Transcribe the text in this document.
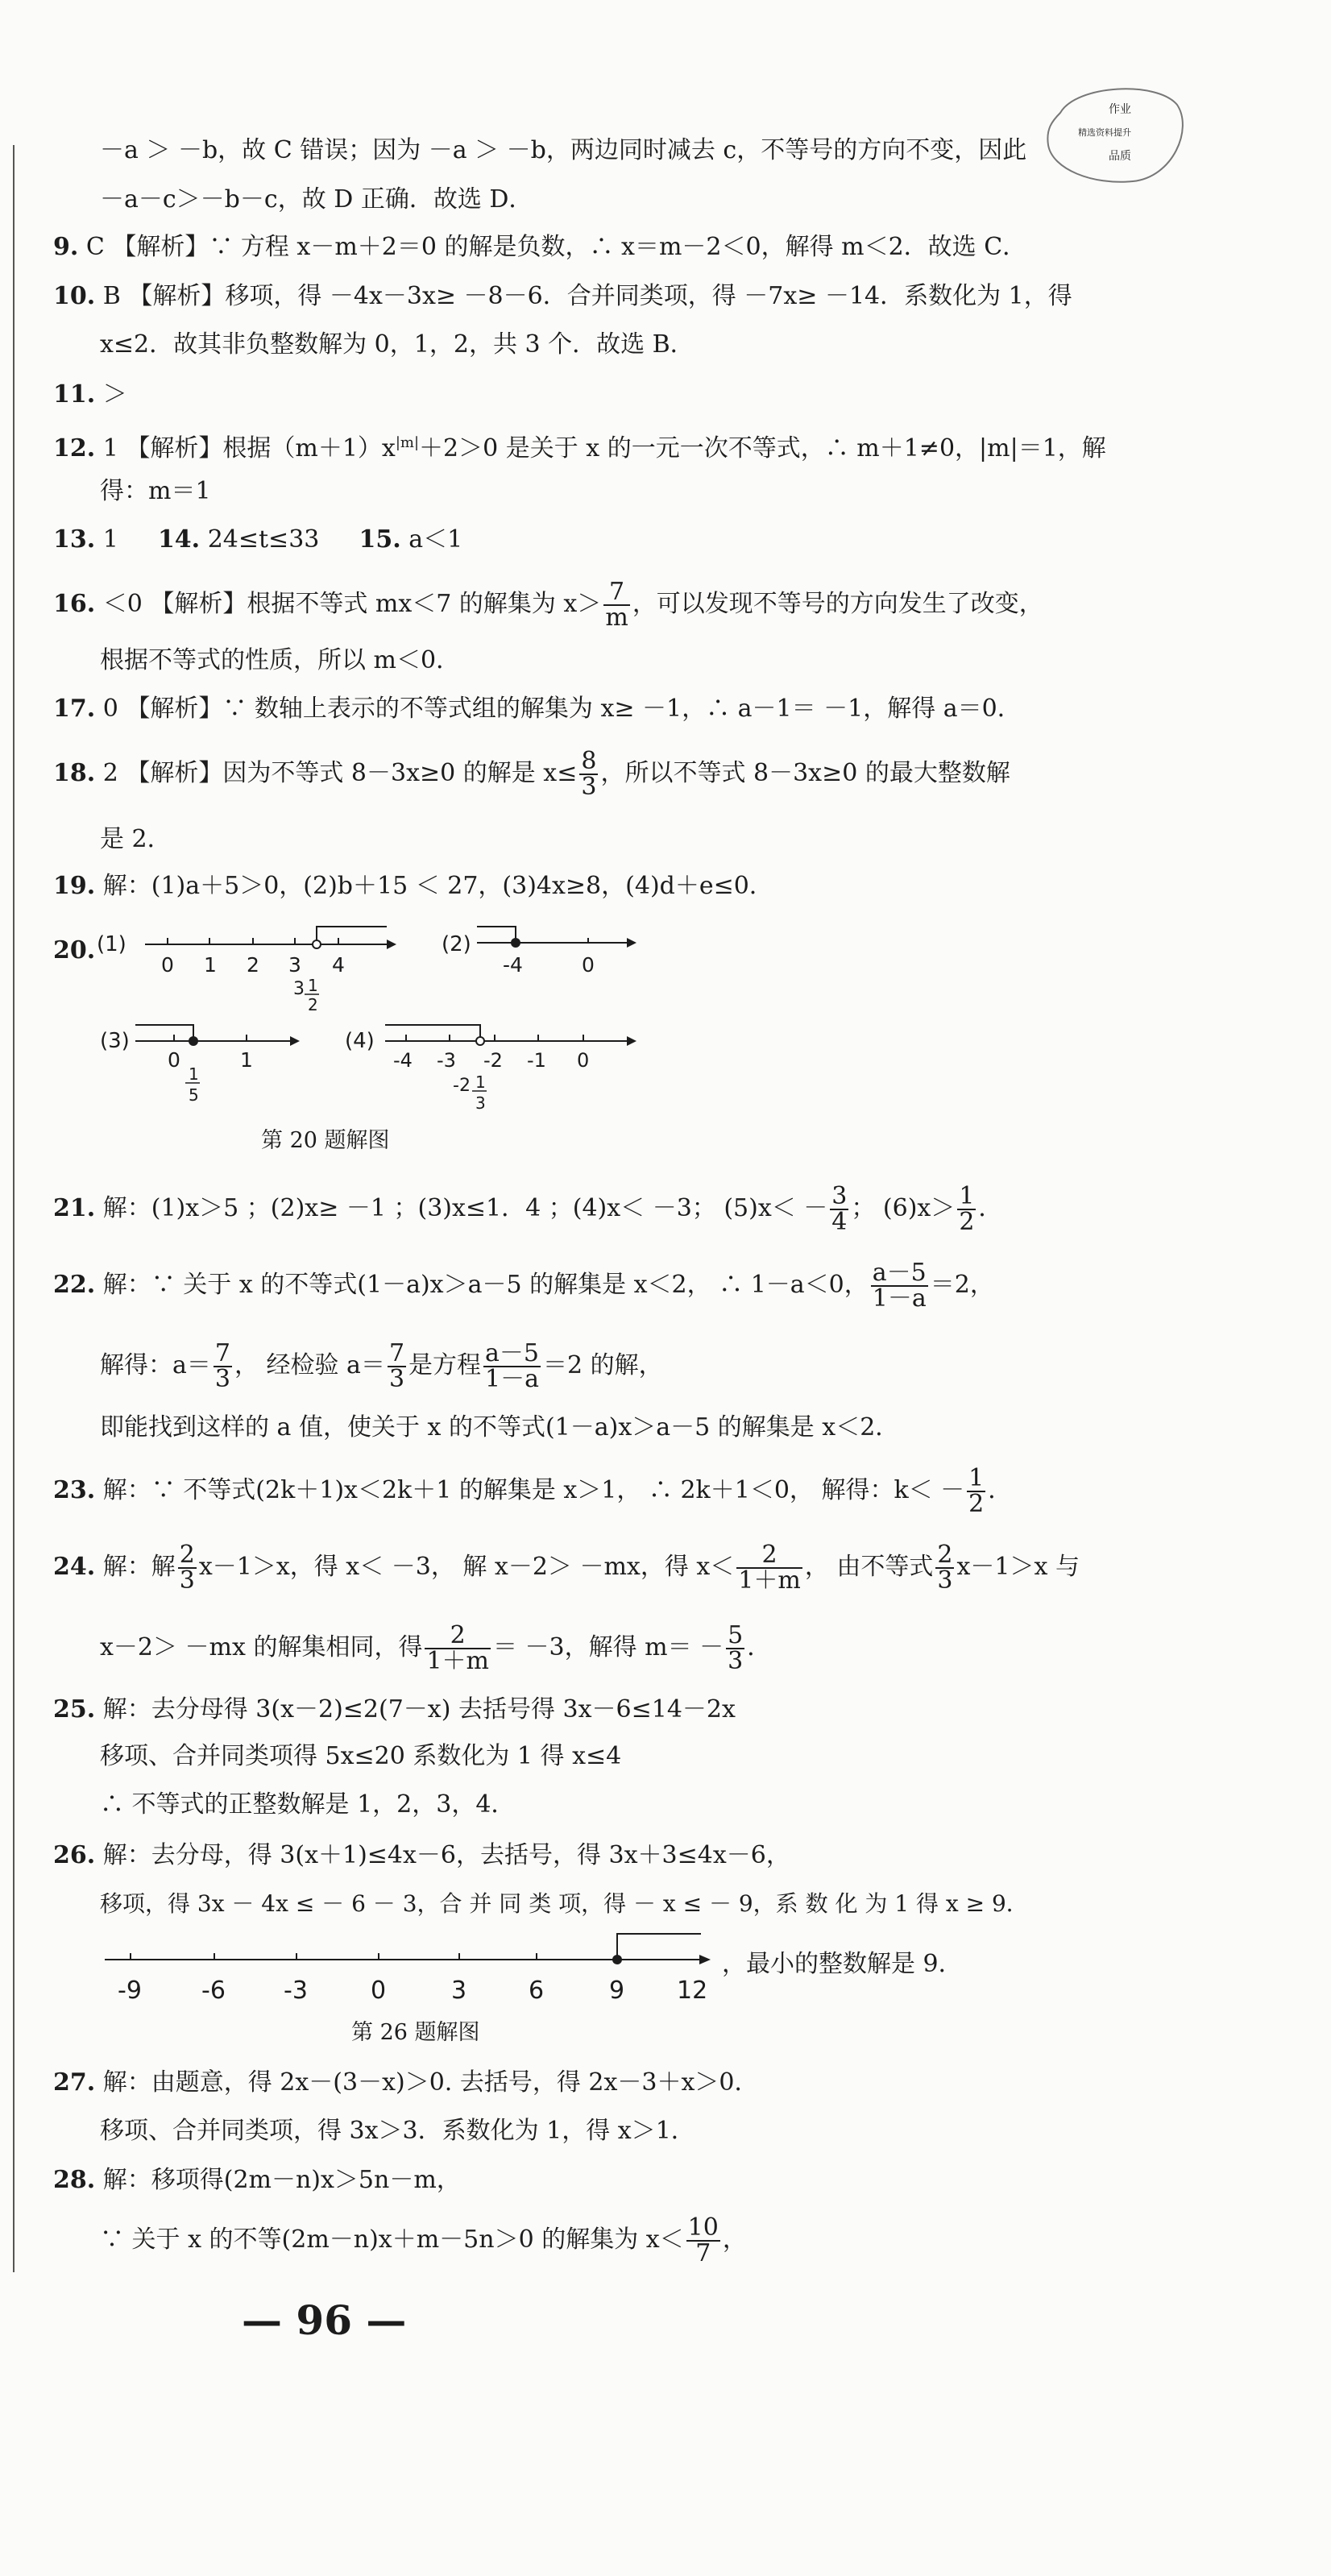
作业
精选资料提升
品质
－a ＞ －b，故 C 错误；因为 －a ＞ －b，两边同时减去 c，不等号的方向不变，因此
－a－c＞－b－c，故 D 正确．故选 D．
9. C 【解析】∵ 方程 x－m＋2＝0 的解是负数，∴ x＝m－2＜0，解得 m＜2．故选 C．
10. B 【解析】移项，得 －4x－3x≥ －8－6．合并同类项，得 －7x≥ －14．系数化为 1，得
x≤2．故其非负整数解为 0，1，2，共 3 个．故选 B．
11. ＞
12. 1 【解析】根据$(m+1)x^{|m|}+2>0$ 是关于 x 的一元一次不等式，∴ m＋1≠0，|m|＝1，解
得：m＝1
13. 1 14. 24≤t≤33 15. a＜1
16. ＜0 【解析】根据不等式 mx＜7 的解集为 $x> \frac{7}{m}$ ，可以发现不等号的方向发生了改变，
根据不等式的性质，所以 m＜0．
17. 0 【解析】∵ 数轴上表示的不等式组的解集为 x≥ －1，∴ a－1＝ －1，解得 a＝0．
18. 2 【解析】因为不等式 8－3x≥0 的解是 $x\le \frac{8}{3}$ ，所以不等式 8－3x≥0 的最大整数解
是 2．
19. 解：(1)a＋5＞0，(2)b＋15 ＜ 27，(3)4x≥8，(4)d＋e≤0．
20. (1)
0 1 2 3 4
3 1
2
(2)
-4	0
(3)
0	1
1
5
(4)
-4 -3 -2 -1 0
-2 1
3
第 20 题解图
21. 解：(1)x＞5 ；(2)x≥ －1 ；(3)x≤1．4 ；(4)x＜ －3； $(5)x< - \frac{3}{4}$ ； $(6)x> \frac{1}{2}$ ．
22. 解：∵ 关于 x 的不等式(1－a)x＞a－5 的解集是 x＜2， ∴ 1－a＜0， $\frac{a-5}{1-a} =2$，
解得：$a= \frac{7}{3}$ ， 经检验 $a= \frac{7}{3}$ 是方程 $\frac{a-5}{1-a} =2$ 的解，
即能找到这样的 a 值，使关于 x 的不等式(1－a)x＞a－5 的解集是 x＜2．
23. 解：∵ 不等式(2k＋1)x＜2k＋1 的解集是 x＞1， ∴ 2k＋1＜0， 解得：$k< - \frac{1}{2}$ ．
24. 解：解 $\frac{2}{3} x-1>x$，得 x＜ －3， 解 x－2＞ －mx，得 $x< \frac{2}{1+m}$ ， 由不等式 $\frac{2}{3} x-1>x$ 与
x－2＞ －mx 的解集相同，得 $\frac{2}{1+m} = -3$，解得 $m= - \frac{5}{3}$ ．
25. 解：去分母得 3(x－2)≤2(7－x) 去括号得 3x－6≤14－2x
移项、合并同类项得 5x≤20 系数化为 1 得 x≤4
∴ 不等式的正整数解是 1，2，3，4．
26. 解：去分母，得 3(x＋1)≤4x－6，去括号，得 3x＋3≤4x－6，
移项，得 3x － 4x ≤ － 6 － 3，合 并 同 类 项，得 － x ≤ － 9，系 数 化 为 1 得 x ≥ 9．
-9 -6 -3	0	3	6	9 12
，最小的整数解是 9．
第 26 题解图
27. 解：由题意，得 2x－(3－x)＞0. 去括号，得 2x－3＋x＞0．
移项、合并同类项，得 3x＞3．系数化为 1，得 x＞1．
28. 解：移项得(2m－n)x＞5n－m，
∵ 关于 x 的不等(2m－n)x＋m－5n＞0 的解集为 $x< \frac{10}{7}$ ，
— 96 —
